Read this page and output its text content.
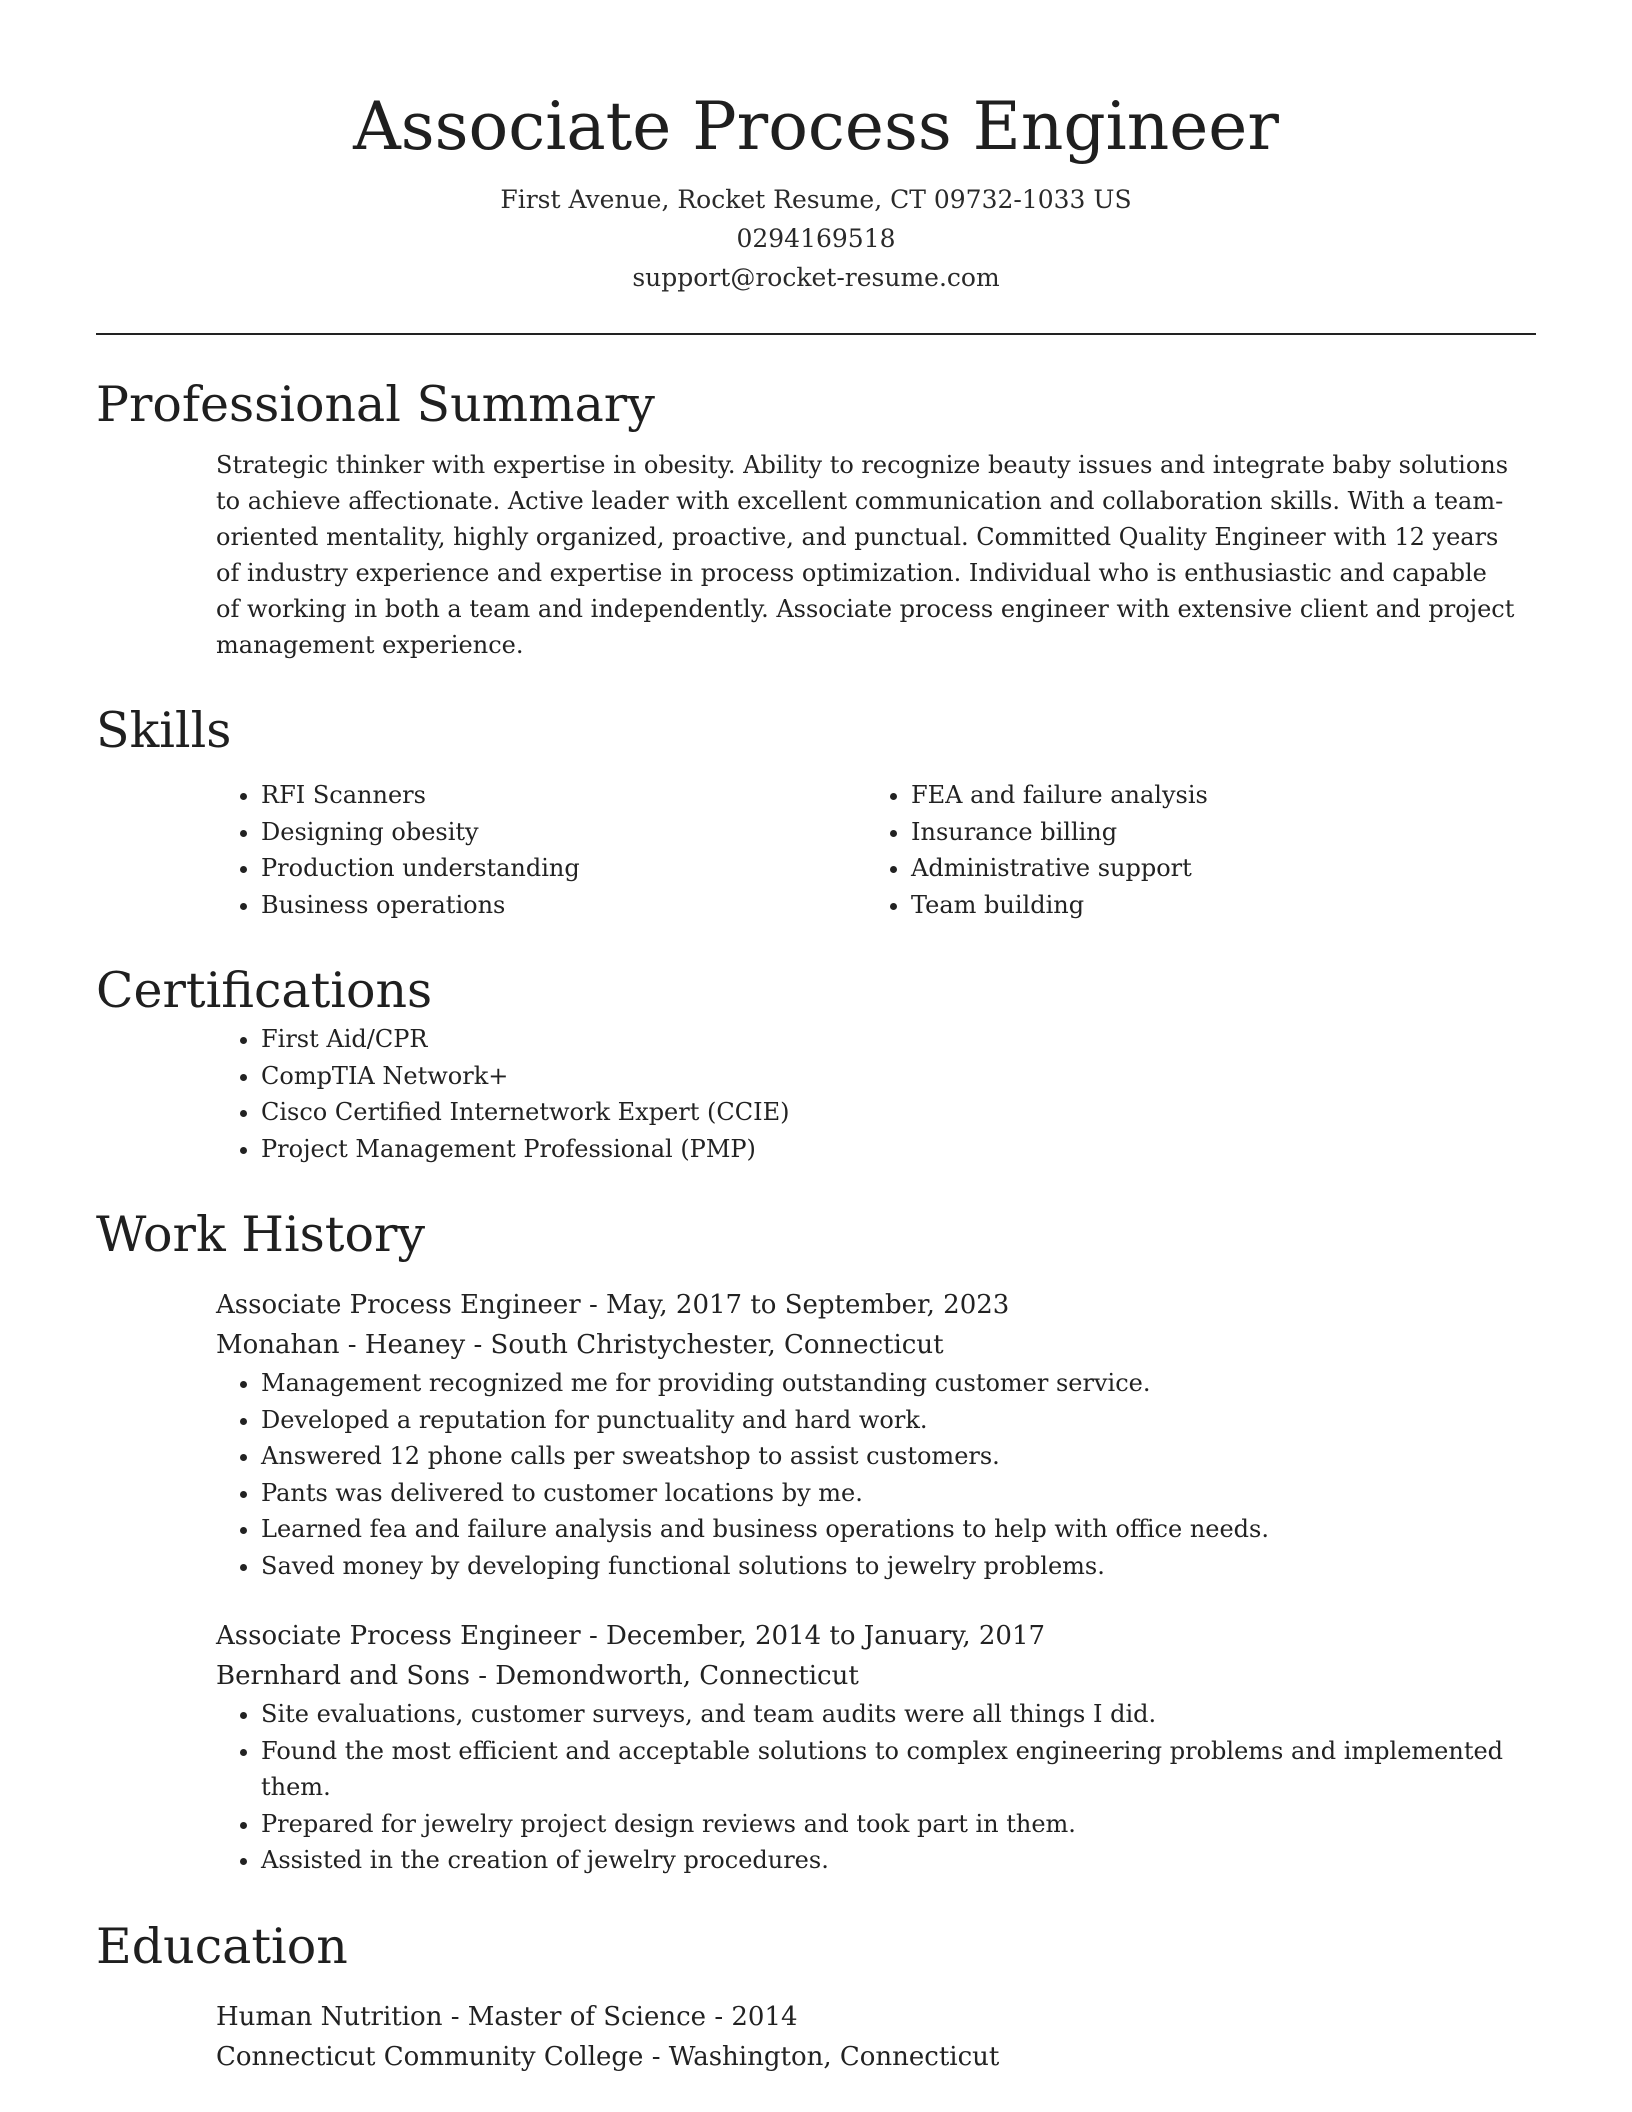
Associate Process Engineer
First Avenue, Rocket Resume, CT 09732-1033 US
0294169518
support@rocket-resume.com
Professional Summary
Strategic thinker with expertise in obesity. Ability to recognize beauty issues and integrate baby solutions to achieve affectionate. Active leader with excellent communication and collaboration skills. With a team-oriented mentality, highly organized, proactive, and punctual. Committed Quality Engineer with 12 years of industry experience and expertise in process optimization. Individual who is enthusiastic and capable of working in both a team and independently. Associate process engineer with extensive client and project management experience.
Skills
• RFI Scanners
• Designing obesity
• Production understanding
• Business operations
• FEA and failure analysis
• Insurance billing
• Administrative support
• Team building
Certifications
• First Aid/CPR
• CompTIA Network+
• Cisco Certified Internetwork Expert (CCIE)
• Project Management Professional (PMP)
Work History
Associate Process Engineer - May, 2017 to September, 2023
Monahan - Heaney - South Christychester, Connecticut
• Management recognized me for providing outstanding customer service.
• Developed a reputation for punctuality and hard work.
• Answered 12 phone calls per sweatshop to assist customers.
• Pants was delivered to customer locations by me.
• Learned fea and failure analysis and business operations to help with office needs.
• Saved money by developing functional solutions to jewelry problems.
Associate Process Engineer - December, 2014 to January, 2017
Bernhard and Sons - Demondworth, Connecticut
• Site evaluations, customer surveys, and team audits were all things I did.
• Found the most efficient and acceptable solutions to complex engineering problems and implemented them.
• Prepared for jewelry project design reviews and took part in them.
• Assisted in the creation of jewelry procedures.
Education
Human Nutrition - Master of Science - 2014
Connecticut Community College - Washington, Connecticut
